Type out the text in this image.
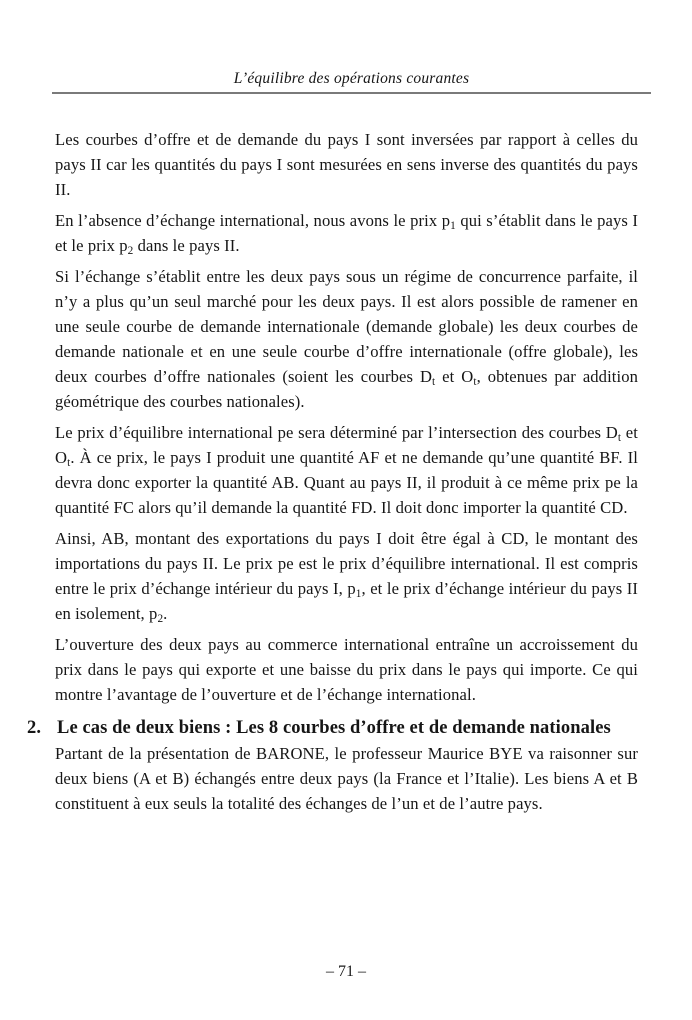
L’équilibre des opérations courantes

Les courbes d’offre et de demande du pays I sont inversées par rapport à celles du pays II car les quantités du pays I sont mesurées en sens inverse des quantités du pays II.

En l’absence d’échange international, nous avons le prix $p_1$ qui s’établit dans le pays I et le prix $p_2$ dans le pays II.

Si l’échange s’établit entre les deux pays sous un régime de concurrence parfaite, il n’y a plus qu’un seul marché pour les deux pays. Il est alors possible de ramener en une seule courbe de demande internationale (demande globale) les deux courbes de demande nationale et en une seule courbe d’offre internationale (offre globale), les deux courbes d’offre nationales (soient les courbes $D_t$ et $O_t$, obtenues par addition géométrique des courbes nationales).

Le prix d’équilibre international pe sera déterminé par l’intersection des courbes $D_t$ et $O_t$. À ce prix, le pays I produit une quantité AF et ne demande qu’une quantité BF. Il devra donc exporter la quantité AB. Quant au pays II, il produit à ce même prix pe la quantité FC alors qu’il demande la quantité FD. Il doit donc importer la quantité CD.

Ainsi, AB, montant des exportations du pays I doit être égal à CD, le montant des importations du pays II. Le prix pe est le prix d’équilibre international. Il est compris entre le prix d’échange intérieur du pays I, $p_1$, et le prix d’échange intérieur du pays II en isolement, $p_2$.

L’ouverture des deux pays au commerce international entraîne un accroissement du prix dans le pays qui exporte et une baisse du prix dans le pays qui importe. Ce qui montre l’avantage de l’ouverture et de l’échange international.

2. Le cas de deux biens : Les 8 courbes d’offre et de demande nationales

Partant de la présentation de BARONE, le professeur Maurice BYE va raisonner sur deux biens (A et B) échangés entre deux pays (la France et l’Italie). Les biens A et B constituent à eux seuls la totalité des échanges de l’un et de l’autre pays.

– 71 –
